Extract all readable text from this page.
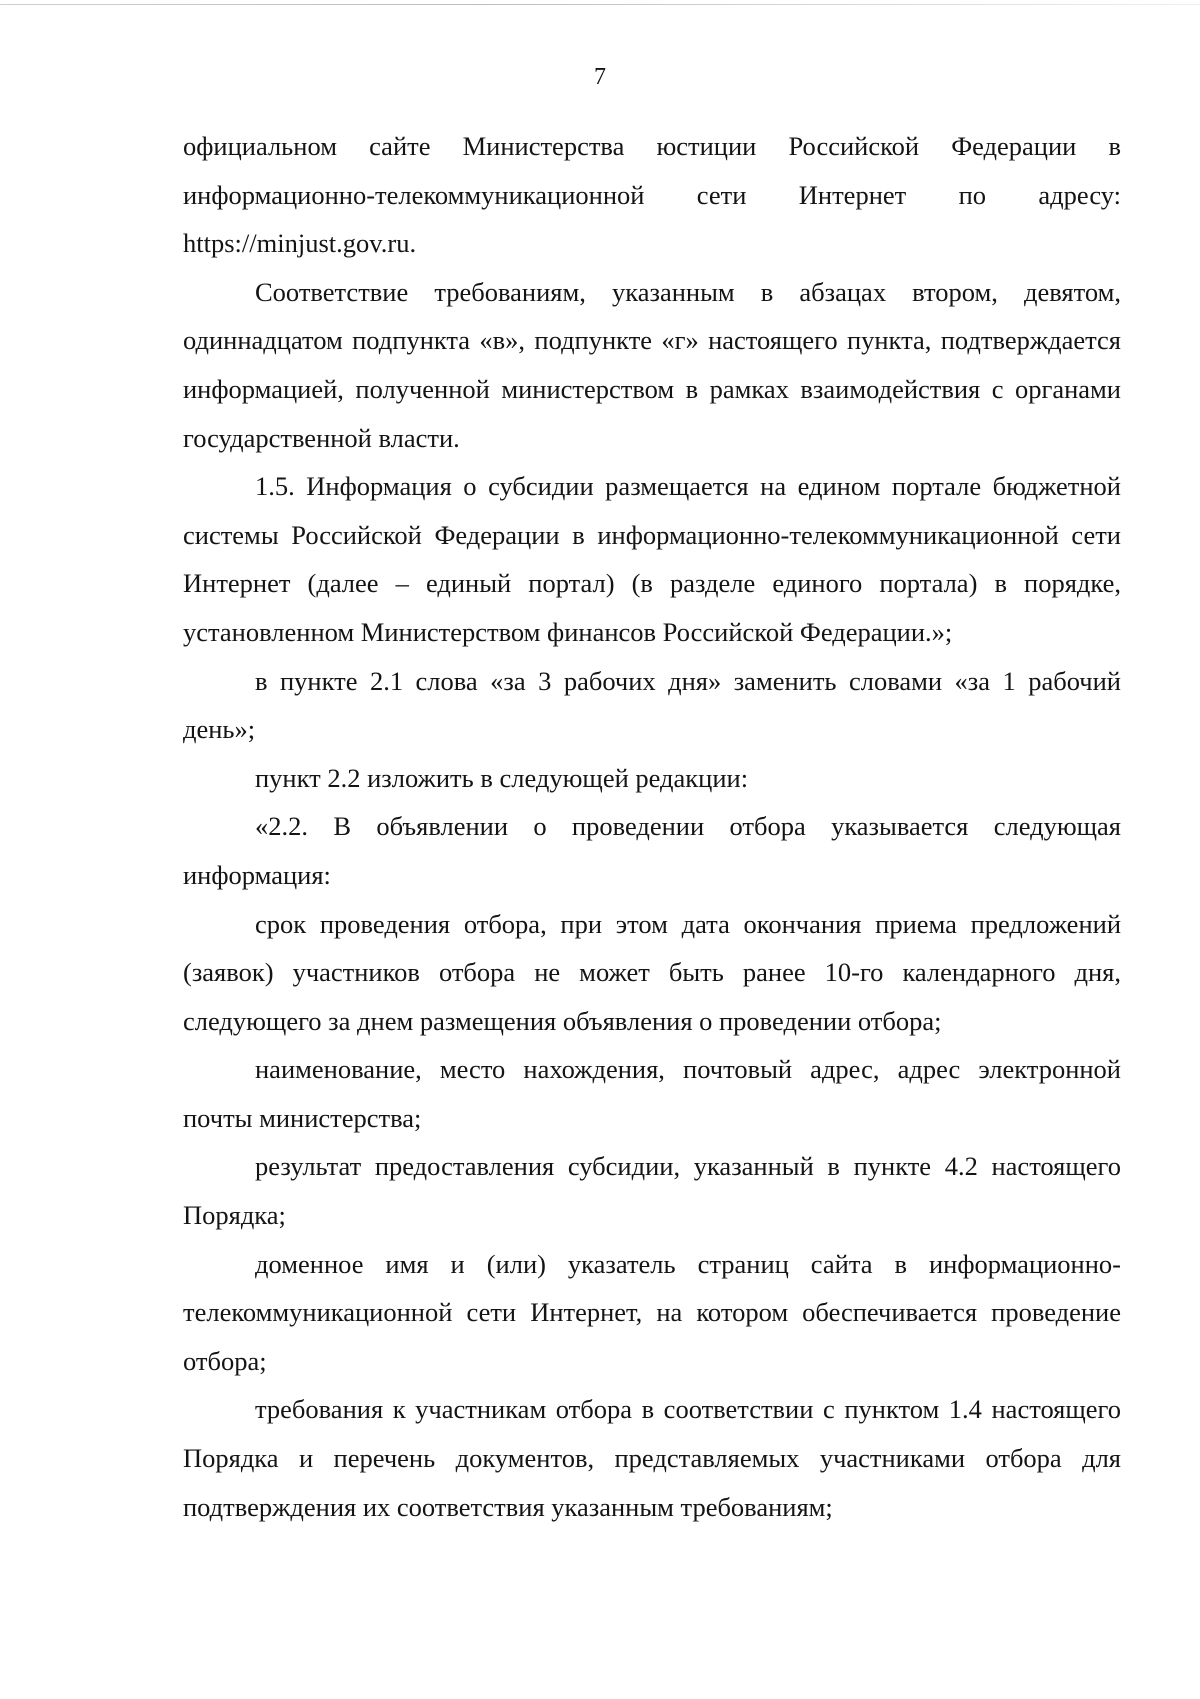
7

официальном сайте Министерства юстиции Российской Федерации в информационно-телекоммуникационной сети Интернет по адресу: https://minjust.gov.ru.

Соответствие требованиям, указанным в абзацах втором, девятом, одиннадцатом подпункта «в», подпункте «г» настоящего пункта, подтверждается информацией, полученной министерством в рамках взаимодействия с органами государственной власти.

1.5. Информация о субсидии размещается на едином портале бюджетной системы Российской Федерации в информационно-телекоммуникационной сети Интернет (далее – единый портал) (в разделе единого портала) в порядке, установленном Министерством финансов Российской Федерации.»;

в пункте 2.1 слова «за 3 рабочих дня» заменить словами «за 1 рабочий день»;

пункт 2.2 изложить в следующей редакции:

«2.2. В объявлении о проведении отбора указывается следующая информация:

срок проведения отбора, при этом дата окончания приема предложений (заявок) участников отбора не может быть ранее 10-го календарного дня, следующего за днем размещения объявления о проведении отбора;

наименование, место нахождения, почтовый адрес, адрес электронной почты министерства;

результат предоставления субсидии, указанный в пункте 4.2 настоящего Порядка;

доменное имя и (или) указатель страниц сайта в информационно-телекоммуникационной сети Интернет, на котором обеспечивается проведение отбора;

требования к участникам отбора в соответствии с пунктом 1.4 настоящего Порядка и перечень документов, представляемых участниками отбора для подтверждения их соответствия указанным требованиям;
